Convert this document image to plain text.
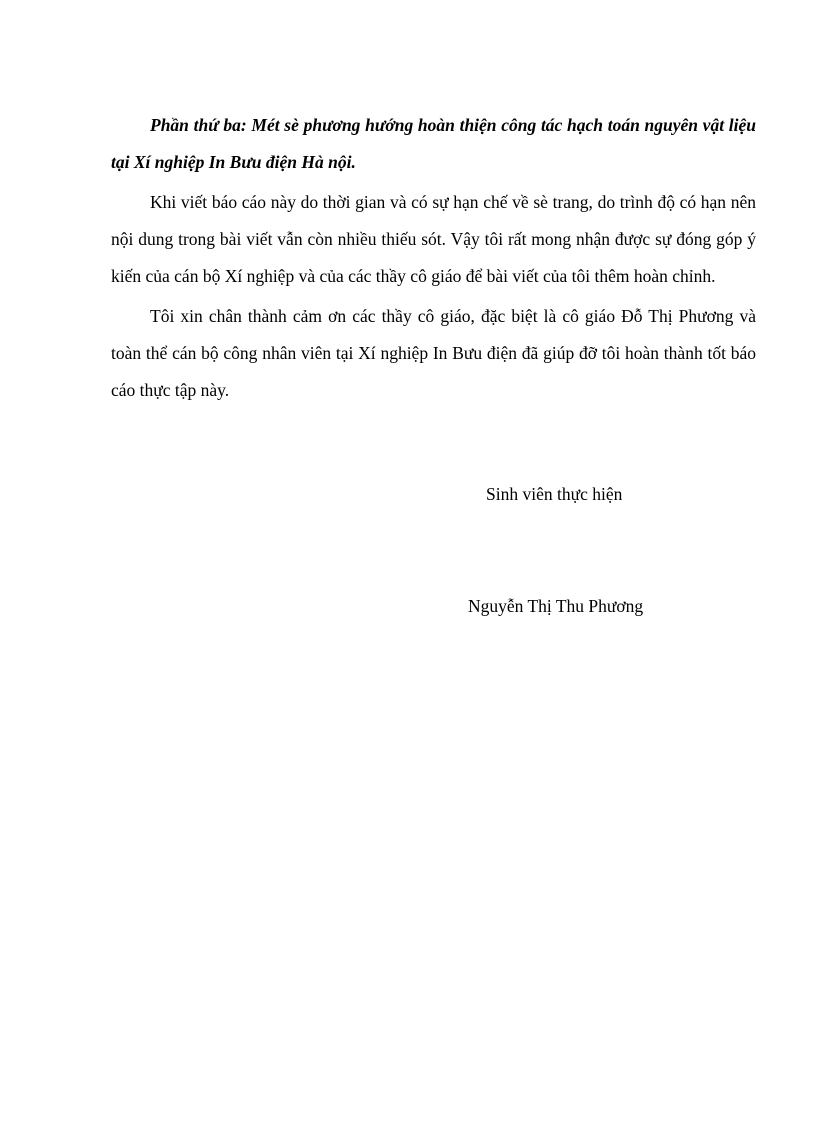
Phần thứ ba: Mét sè phương hướng hoàn thiện công tác hạch toán nguyên vật liệu tại Xí nghiệp In Bưu điện Hà nội.

Khi viết báo cáo này do thời gian và có sự hạn chế về sè trang, do trình độ có hạn nên nội dung trong bài viết vẫn còn nhiều thiếu sót. Vậy tôi rất mong nhận được sự đóng góp ý kiến của cán bộ Xí nghiệp và của các thầy cô giáo để bài viết của tôi thêm hoàn chỉnh.

Tôi xin chân thành cảm ơn các thầy cô giáo, đặc biệt là cô giáo Đỗ Thị Phương và toàn thể cán bộ công nhân viên tại Xí nghiệp In Bưu điện đã giúp đỡ tôi hoàn thành tốt báo cáo thực tập này.

Sinh viên thực hiện
Nguyễn Thị Thu Phương
